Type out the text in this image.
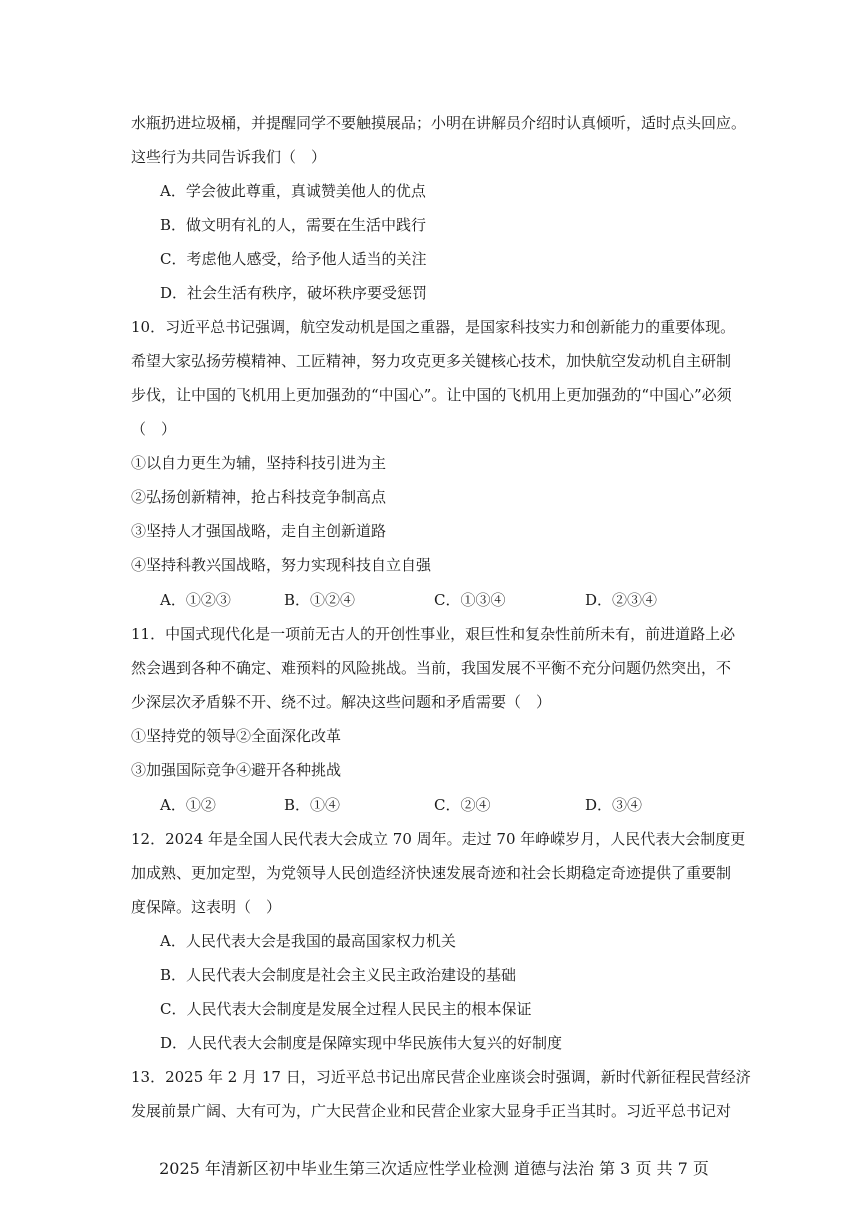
水瓶扔进垃圾桶，并提醒同学不要触摸展品；小明在讲解员介绍时认真倾听，适时点头回应。
这些行为共同告诉我们（　）
A．学会彼此尊重，真诚赞美他人的优点
B．做文明有礼的人，需要在生活中践行
C．考虑他人感受，给予他人适当的关注
D．社会生活有秩序，破坏秩序要受惩罚
10．习近平总书记强调，航空发动机是国之重器，是国家科技实力和创新能力的重要体现。
希望大家弘扬劳模精神、工匠精神，努力攻克更多关键核心技术，加快航空发动机自主研制
步伐，让中国的飞机用上更加强劲的“中国心”。让中国的飞机用上更加强劲的“中国心”必须
（　）
①以自力更生为辅，坚持科技引进为主
②弘扬创新精神，抢占科技竞争制高点
③坚持人才强国战略，走自主创新道路
④坚持科教兴国战略，努力实现科技自立自强
A．①②③	B．①②④	C．①③④	D．②③④
11．中国式现代化是一项前无古人的开创性事业，艰巨性和复杂性前所未有，前进道路上必
然会遇到各种不确定、难预料的风险挑战。当前，我国发展不平衡不充分问题仍然突出，不
少深层次矛盾躲不开、绕不过。解决这些问题和矛盾需要（　）
①坚持党的领导②全面深化改革
③加强国际竞争④避开各种挑战
A．①②	B．①④	C．②④	D．③④
12．2024 年是全国人民代表大会成立 70 周年。走过 70 年峥嵘岁月，人民代表大会制度更
加成熟、更加定型，为党领导人民创造经济快速发展奇迹和社会长期稳定奇迹提供了重要制
度保障。这表明（　）
A．人民代表大会是我国的最高国家权力机关
B．人民代表大会制度是社会主义民主政治建设的基础
C．人民代表大会制度是发展全过程人民民主的根本保证
D．人民代表大会制度是保障实现中华民族伟大复兴的好制度
13．2025 年 2 月 17 日，习近平总书记出席民营企业座谈会时强调，新时代新征程民营经济
发展前景广阔、大有可为，广大民营企业和民营企业家大显身手正当其时。习近平总书记对
2025 年清新区初中毕业生第三次适应性学业检测 道德与法治 第 3 页 共 7 页
